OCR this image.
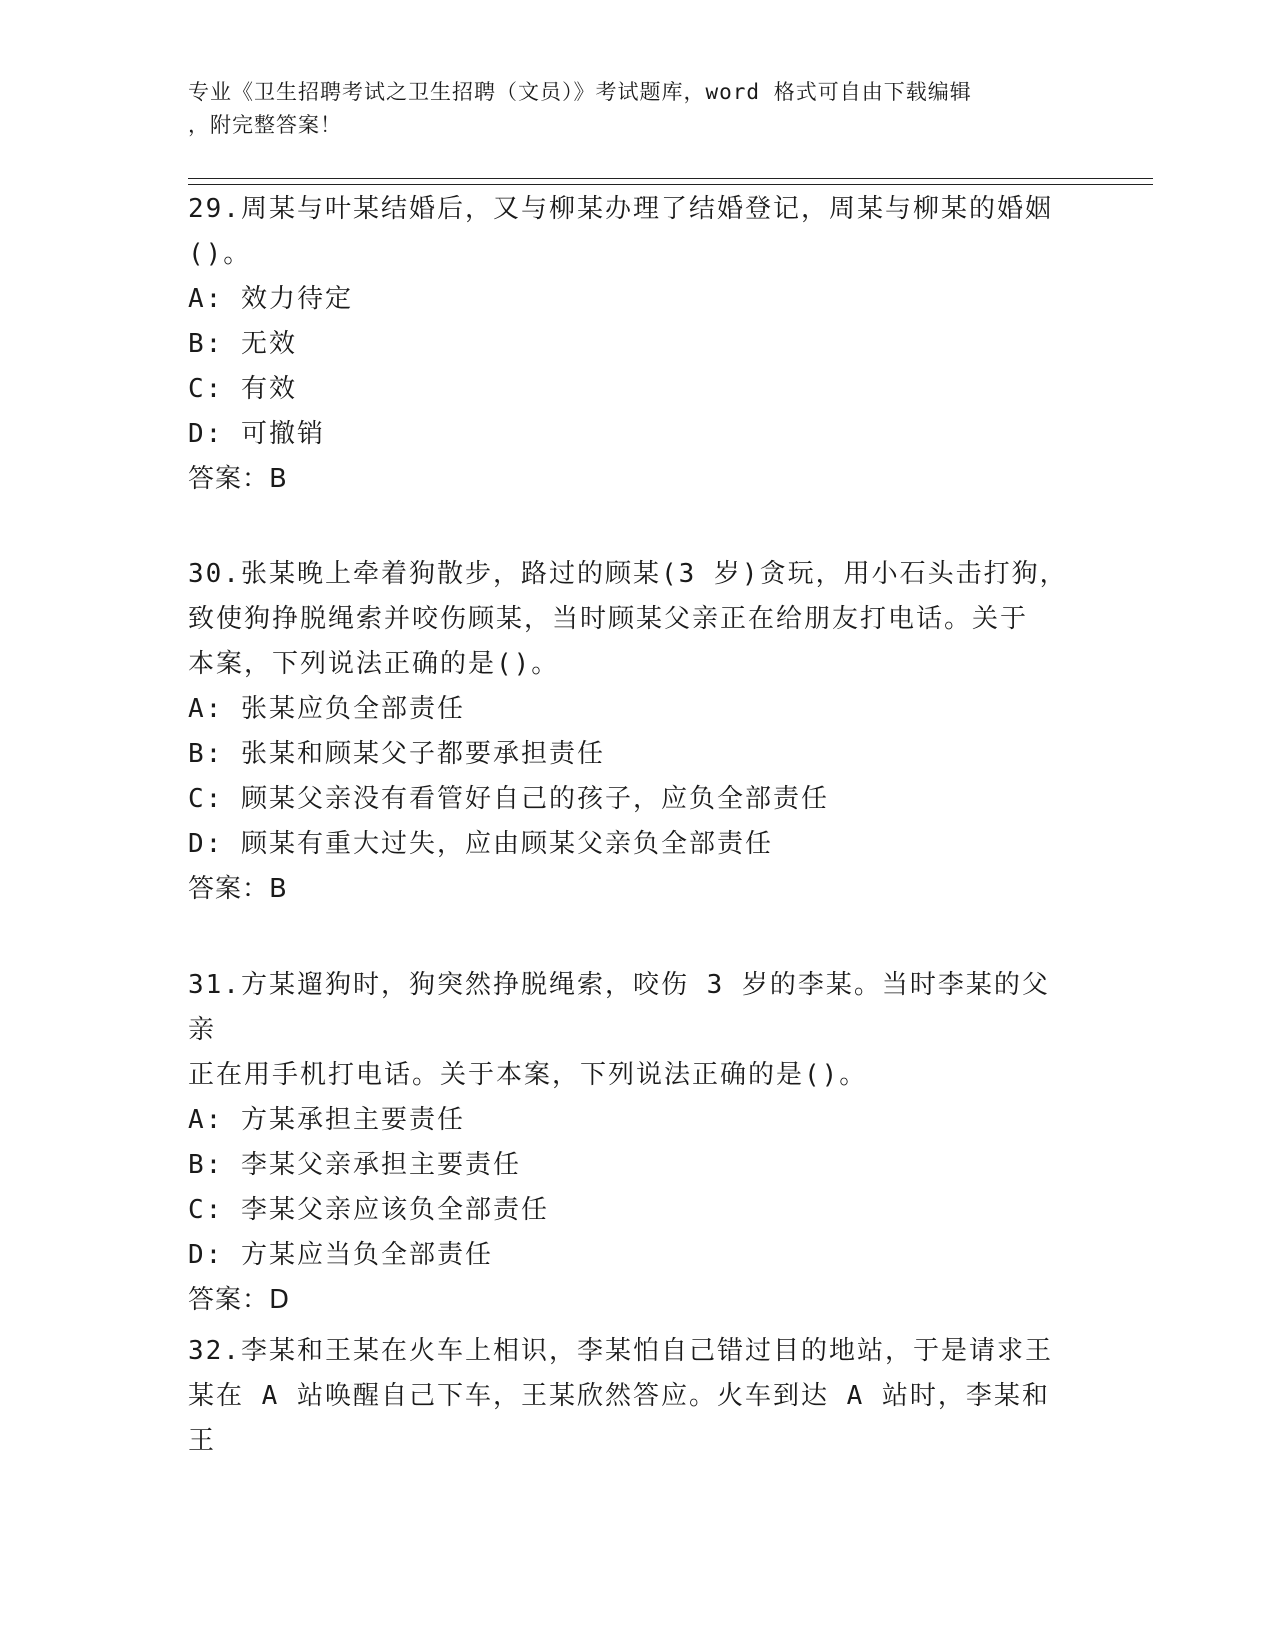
专业《卫生招聘考试之卫生招聘（文员）》考试题库，word 格式可自由下载编辑
，附完整答案！

29.周某与叶某结婚后，又与柳某办理了结婚登记，周某与柳某的婚姻

()。

A: 效力待定

B: 无效

C: 有效

D: 可撤销

答案：B

30.张某晚上牵着狗散步，路过的顾某(3 岁)贪玩，用小石头击打狗，

致使狗挣脱绳索并咬伤顾某，当时顾某父亲正在给朋友打电话。关于

本案，下列说法正确的是()。

A: 张某应负全部责任

B: 张某和顾某父子都要承担责任

C: 顾某父亲没有看管好自己的孩子，应负全部责任

D: 顾某有重大过失，应由顾某父亲负全部责任

答案：B

31.方某遛狗时，狗突然挣脱绳索，咬伤 3 岁的李某。当时李某的父亲

正在用手机打电话。关于本案，下列说法正确的是()。

A: 方某承担主要责任

B: 李某父亲承担主要责任

C: 李某父亲应该负全部责任

D: 方某应当负全部责任

答案：D

32.李某和王某在火车上相识，李某怕自己错过目的地站，于是请求王

某在 A 站唤醒自己下车，王某欣然答应。火车到达 A 站时，李某和王
